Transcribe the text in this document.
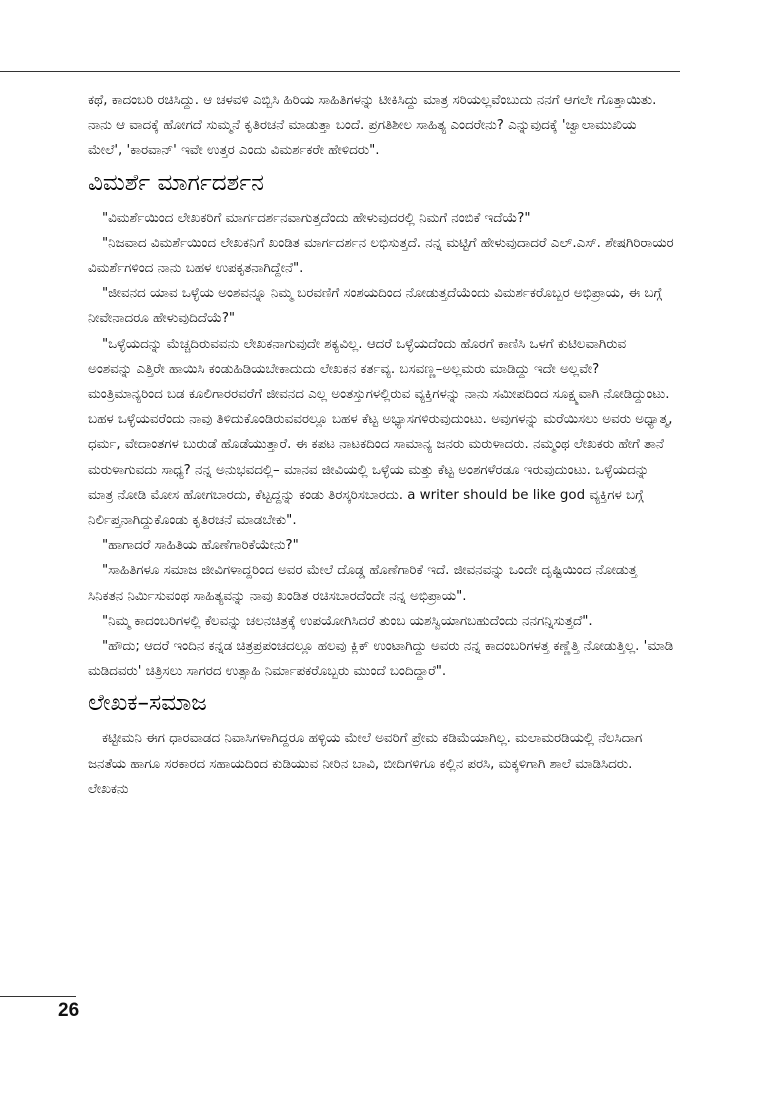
ಕಥೆ, ಕಾದಂಬರಿ ರಚಿಸಿದ್ದು. ಆ ಚಳವಳಿ ಎಬ್ಬಿಸಿ ಹಿರಿಯ ಸಾಹಿತಿಗಳನ್ನು ಟೀಕಿಸಿದ್ದು ಮಾತ್ರ ಸರಿಯಲ್ಲವೆಂಬುದು ನನಗೆ ಆಗಲೇ ಗೊತ್ತಾಯಿತು. ನಾನು ಆ ವಾದಕ್ಕೆ ಹೋಗದೆ ಸುಮ್ಮನೆ ಕೃತಿರಚನೆ ಮಾಡುತ್ತಾ ಬಂದೆ. ಪ್ರಗತಿಶೀಲ ಸಾಹಿತ್ಯ ಎಂದರೇನು? ಎನ್ನುವುದಕ್ಕೆ 'ಜ್ವಾಲಾಮುಖಿಯ ಮೇಲೆ', 'ಕಾರವಾನ್' ಇವೇ ಉತ್ತರ ಎಂದು ವಿಮರ್ಶಕರೇ ಹೇಳಿದರು".

ವಿಮರ್ಶೆ ಮಾರ್ಗದರ್ಶನ

"ವಿಮರ್ಶೆಯಿಂದ ಲೇಖಕರಿಗೆ ಮಾರ್ಗದರ್ಶನವಾಗುತ್ತದೆಂದು ಹೇಳುವುದರಲ್ಲಿ ನಿಮಗೆ ನಂಬಿಕೆ ಇದೆಯೆ?"

"ನಿಜವಾದ ವಿಮರ್ಶೆಯಿಂದ ಲೇಖಕನಿಗೆ ಖಂಡಿತ ಮಾರ್ಗದರ್ಶನ ಲಭಿಸುತ್ತದೆ. ನನ್ನ ಮಟ್ಟಿಗೆ ಹೇಳುವುದಾದರೆ ಎಲ್.ಎಸ್. ಶೇಷಗಿರಿರಾಯರ ವಿಮರ್ಶೆಗಳಿಂದ ನಾನು ಬಹಳ ಉಪಕೃತನಾಗಿದ್ದೇನೆ".

"ಜೀವನದ ಯಾವ ಒಳ್ಳೆಯ ಅಂಶವನ್ನೂ ನಿಮ್ಮ ಬರವಣಿಗೆ ಸಂಶಯದಿಂದ ನೋಡುತ್ತದೆಯೆಂದು ವಿಮರ್ಶಕರೊಬ್ಬರ ಅಭಿಪ್ರಾಯ, ಈ ಬಗ್ಗೆ ನೀವೇನಾದರೂ ಹೇಳುವುದಿದೆಯೆ?"

"ಒಳ್ಳೆಯದನ್ನು ಮೆಚ್ಚದಿರುವವನು ಲೇಖಕನಾಗುವುದೇ ಶಕ್ಯವಿಲ್ಲ. ಆದರೆ ಒಳ್ಳೆಯದೆಂದು ಹೊರಗೆ ಕಾಣಿಸಿ ಒಳಗೆ ಕುಟಿಲವಾಗಿರುವ ಅಂಶವನ್ನು ಎತ್ತಿರೇ ಹಾಯಿಸಿ ಕಂಡುಹಿಡಿಯಬೇಕಾದುದು ಲೇಖಕನ ಕರ್ತವ್ಯ. ಬಸವಣ್ಣ–ಅಲ್ಲಮರು ಮಾಡಿದ್ದು ಇದೇ ಅಲ್ಲವೇ? ಮಂತ್ರಿಮಾನ್ಯರಿಂದ ಬಡ ಕೂಲಿಗಾರರವರೆಗೆ ಜೀವನದ ಎಲ್ಲ ಅಂತಸ್ತುಗಳಲ್ಲಿರುವ ವ್ಯಕ್ತಿಗಳನ್ನು ನಾನು ಸಮೀಪದಿಂದ ಸೂಕ್ಷ್ಮವಾಗಿ ನೋಡಿದ್ದುಂಟು. ಬಹಳ ಒಳ್ಳೆಯವರೆಂದು ನಾವು ತಿಳಿದುಕೊಂಡಿರುವವರಲ್ಲೂ ಬಹಳ ಕೆಟ್ಟ ಅಭ್ಯಾಸಗಳಿರುವುದುಂಟು. ಅವುಗಳನ್ನು ಮರೆಯಿಸಲು ಅವರು ಅಧ್ಯಾತ್ಮ, ಧರ್ಮ, ವೇದಾಂತಗಳ ಬುರುಡೆ ಹೊಡೆಯುತ್ತಾರೆ. ಈ ಕಪಟ ನಾಟಕದಿಂದ ಸಾಮಾನ್ಯ ಜನರು ಮರುಳಾದರು. ನಮ್ಮಂಥ ಲೇಖಕರು ಹೇಗೆ ತಾನೆ ಮರುಳಾಗುವದು ಸಾಧ್ಯ? ನನ್ನ ಅನುಭವದಲ್ಲಿ– ಮಾನವ ಜೀವಿಯಲ್ಲಿ ಒಳ್ಳೆಯ ಮತ್ತು ಕೆಟ್ಟ ಅಂಶಗಳೆರಡೂ ಇರುವುದುಂಟು. ಒಳ್ಳೆಯದನ್ನು ಮಾತ್ರ ನೋಡಿ ಮೋಸ ಹೋಗಬಾರದು, ಕೆಟ್ಟದ್ದನ್ನು ಕಂಡು ತಿರಸ್ಕರಿಸಬಾರದು. a writer should be like god ವ್ಯಕ್ತಿಗಳ ಬಗ್ಗೆ ನಿರ್ಲಿಪ್ತನಾಗಿದ್ದುಕೊಂಡು ಕೃತಿರಚನೆ ಮಾಡಬೇಕು".

"ಹಾಗಾದರೆ ಸಾಹಿತಿಯ ಹೊಣೆಗಾರಿಕೆಯೇನು?"

"ಸಾಹಿತಿಗಳೂ ಸಮಾಜ ಜೀವಿಗಳಾದ್ದರಿಂದ ಅವರ ಮೇಲೆ ದೊಡ್ಡ ಹೊಣೆಗಾರಿಕೆ ಇದೆ. ಜೀವನವನ್ನು ಒಂದೇ ದೃಷ್ಟಿಯಿಂದ ನೋಡುತ್ತ ಸಿನಿಕತನ ನಿರ್ಮಿಸುವಂಥ ಸಾಹಿತ್ಯವನ್ನು ನಾವು ಖಂಡಿತ ರಚಿಸಬಾರದೆಂದೇ ನನ್ನ ಅಭಿಪ್ರಾಯ".

"ನಿಮ್ಮ ಕಾದಂಬರಿಗಳಲ್ಲಿ ಕೆಲವನ್ನು ಚಲನಚಿತ್ರಕ್ಕೆ ಉಪಯೋಗಿಸಿದರೆ ತುಂಬ ಯಶಸ್ವಿಯಾಗಬಹುದೆಂದು ನನಗನ್ನಿಸುತ್ತದೆ".

"ಹೌದು; ಆದರೆ ಇಂದಿನ ಕನ್ನಡ ಚಿತ್ರಪ್ರಪಂಚದಲ್ಲೂ ಹಲವು ಕ್ಲಿಕ್ ಉಂಟಾಗಿದ್ದು ಅವರು ನನ್ನ ಕಾದಂಬರಿಗಳತ್ತ ಕಣ್ಣೆತ್ತಿ ನೋಡುತ್ತಿಲ್ಲ. 'ಮಾಡಿ ಮಡಿದವರು' ಚಿತ್ರಿಸಲು ಸಾಗರದ ಉತ್ಸಾಹಿ ನಿರ್ಮಾಪಕರೊಬ್ಬರು ಮುಂದೆ ಬಂದಿದ್ದಾರೆ".

ಲೇಖಕ–ಸಮಾಜ

ಕಟ್ಟೀಮನಿ ಈಗ ಧಾರವಾಡದ ನಿವಾಸಿಗಳಾಗಿದ್ದರೂ ಹಳ್ಳಿಯ ಮೇಲೆ ಅವರಿಗೆ ಪ್ರೇಮ ಕಡಿಮೆಯಾಗಿಲ್ಲ. ಮಲಾಮರಡಿಯಲ್ಲಿ ನೆಲಸಿದಾಗ ಜನತೆಯ ಹಾಗೂ ಸರಕಾರದ ಸಹಾಯದಿಂದ ಕುಡಿಯುವ ನೀರಿನ ಬಾವಿ, ಬೀದಿಗಳಿಗೂ ಕಲ್ಲಿನ ಪರಸಿ, ಮಕ್ಕಳಿಗಾಗಿ ಶಾಲೆ ಮಾಡಿಸಿದರು. ಲೇಖಕನು

26
